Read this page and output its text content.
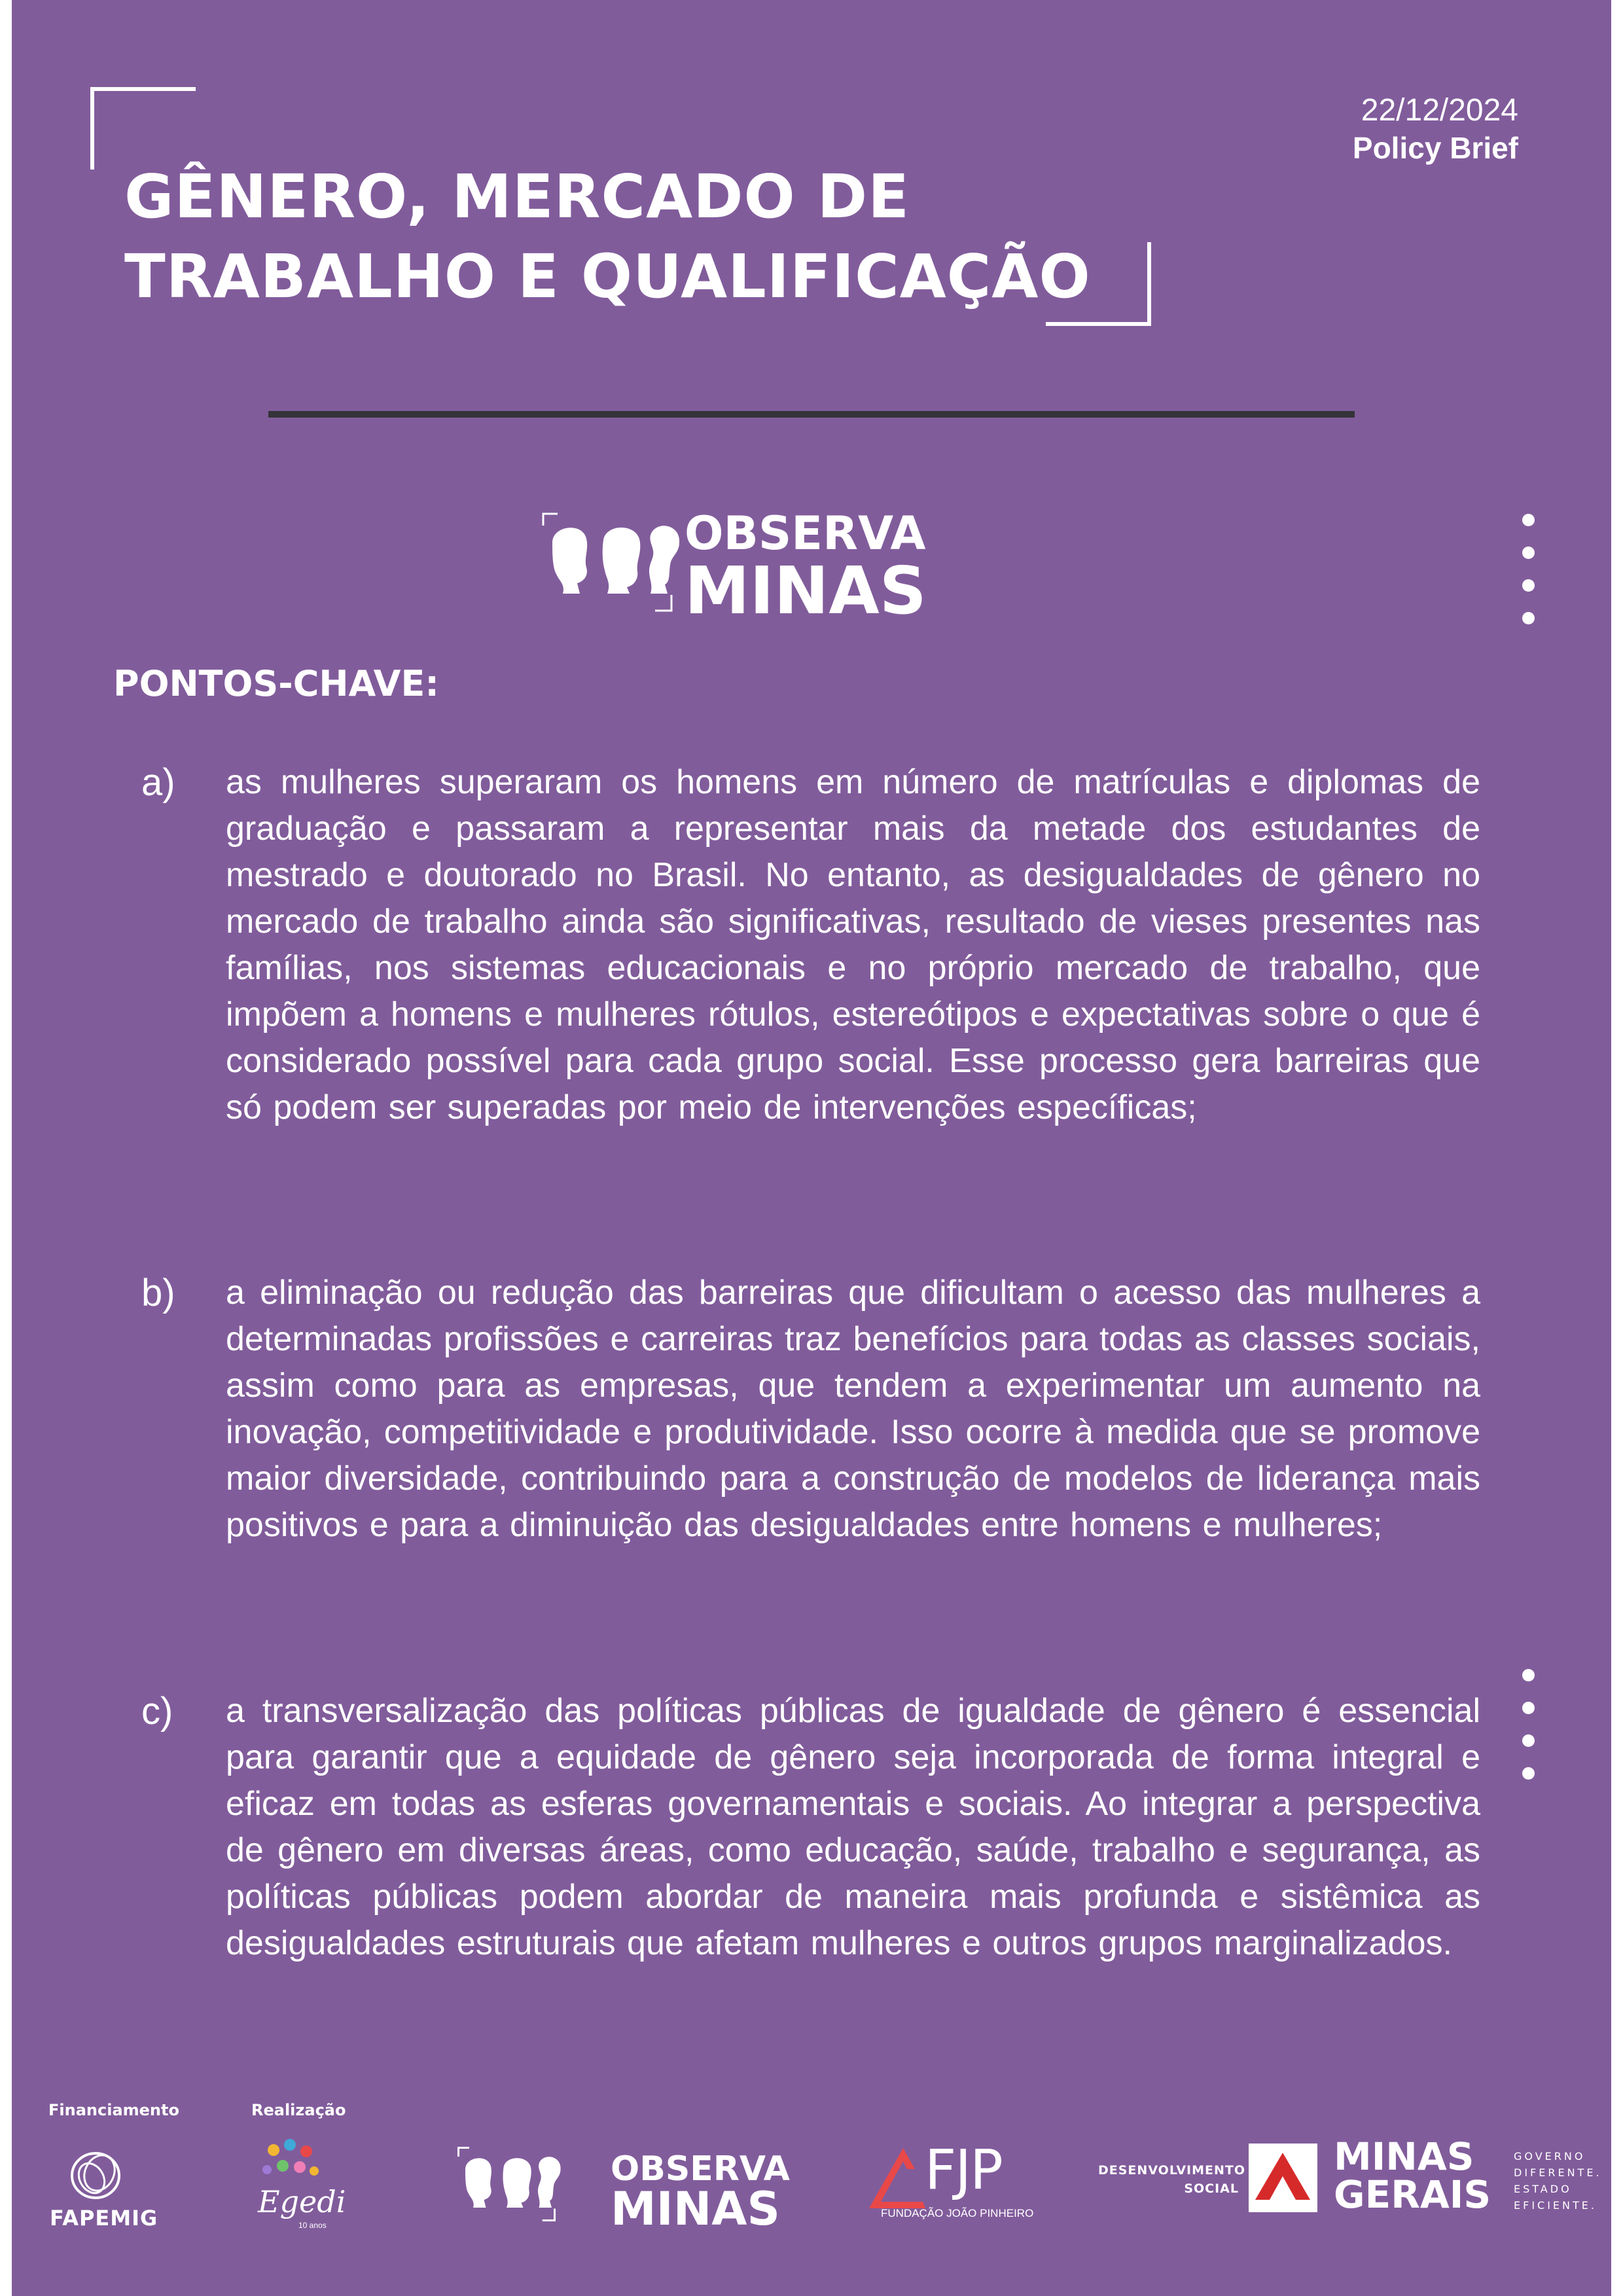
GÊNERO, MERCADO DE
TRABALHO E QUALIFICAÇÃO
22/12/2024
Policy Brief
OBSERVA
MINAS
PONTOS-CHAVE:
a) as mulheres superaram os homens em número de matrículas e diplomas de graduação e passaram a representar mais da metade dos estudantes de mestrado e doutorado no Brasil. No entanto, as desigualdades de gênero no mercado de trabalho ainda são significativas, resultado de vieses presentes nas famílias, nos sistemas educacionais e no próprio mercado de trabalho, que impõem a homens e mulheres rótulos, estereótipos e expectativas sobre o que é considerado possível para cada grupo social. Esse processo gera barreiras que só podem ser superadas por meio de intervenções específicas;
b) a eliminação ou redução das barreiras que dificultam o acesso das mulheres a determinadas profissões e carreiras traz benefícios para todas as classes sociais, assim como para as empresas, que tendem a experimentar um aumento na inovação, competitividade e produtividade. Isso ocorre à medida que se promove maior diversidade, contribuindo para a construção de modelos de liderança mais positivos e para a diminuição das desigualdades entre homens e mulheres;
c) a transversalização das políticas públicas de igualdade de gênero é essencial para garantir que a equidade de gênero seja incorporada de forma integral e eficaz em todas as esferas governamentais e sociais. Ao integrar a perspectiva de gênero em diversas áreas, como educação, saúde, trabalho e segurança, as políticas públicas podem abordar de maneira mais profunda e sistêmica as desigualdades estruturais que afetam mulheres e outros grupos marginalizados.
Financiamento	Realização
FAPEMIG	Egedi
10 anos
OBSERVA
MINAS
FJP
FUNDAÇÃO JOÃO PINHEIRO
DESENVOLVIMENTO
SOCIAL
MINAS
GERAIS
GOVERNO
DIFERENTE.
ESTADO
EFICIENTE.
